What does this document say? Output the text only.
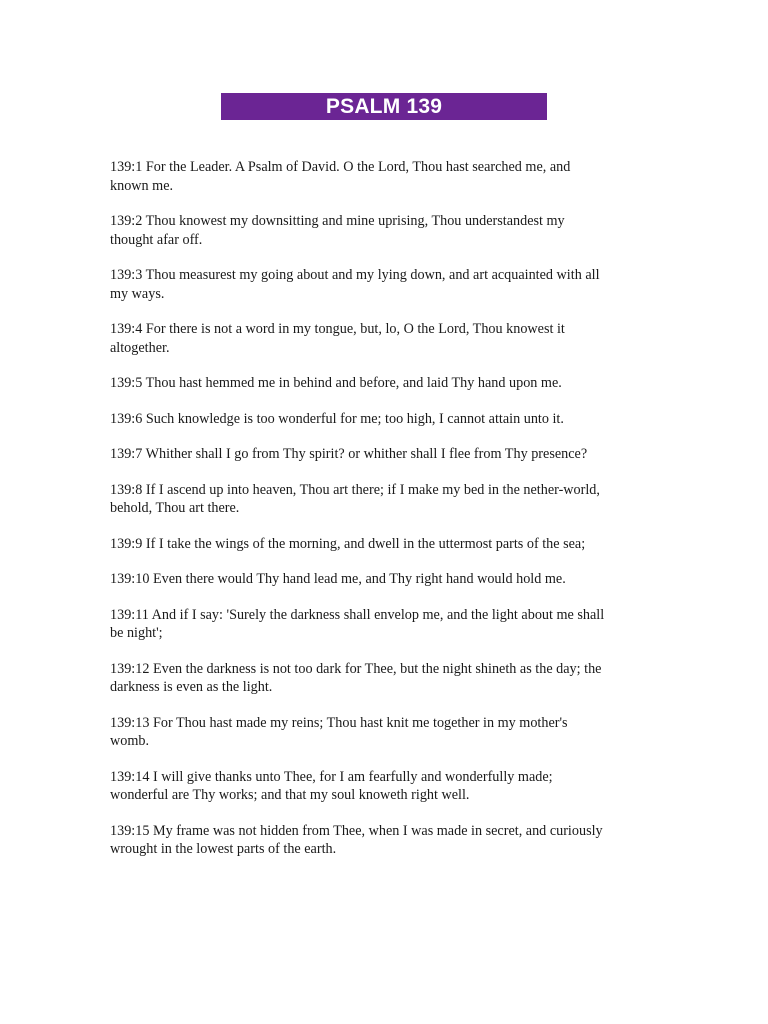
PSALM 139
139:1 For the Leader. A Psalm of David. O the Lord, Thou hast searched me, and known me.
139:2 Thou knowest my downsitting and mine uprising, Thou understandest my thought afar off.
139:3 Thou measurest my going about and my lying down, and art acquainted with all my ways.
139:4 For there is not a word in my tongue, but, lo, O the Lord, Thou knowest it altogether.
139:5 Thou hast hemmed me in behind and before, and laid Thy hand upon me.
139:6 Such knowledge is too wonderful for me; too high, I cannot attain unto it.
139:7 Whither shall I go from Thy spirit? or whither shall I flee from Thy presence?
139:8 If I ascend up into heaven, Thou art there; if I make my bed in the nether-world, behold, Thou art there.
139:9 If I take the wings of the morning, and dwell in the uttermost parts of the sea;
139:10 Even there would Thy hand lead me, and Thy right hand would hold me.
139:11 And if I say: 'Surely the darkness shall envelop me, and the light about me shall be night';
139:12 Even the darkness is not too dark for Thee, but the night shineth as the day; the darkness is even as the light.
139:13 For Thou hast made my reins; Thou hast knit me together in my mother's womb.
139:14 I will give thanks unto Thee, for I am fearfully and wonderfully made; wonderful are Thy works; and that my soul knoweth right well.
139:15 My frame was not hidden from Thee, when I was made in secret, and curiously wrought in the lowest parts of the earth.
